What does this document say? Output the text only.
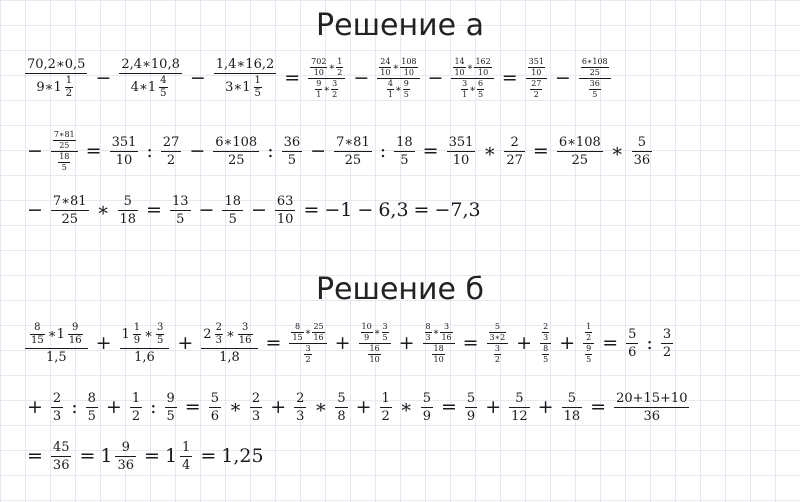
Решение а
$\frac{70,2∗0,5}{9∗1 \frac{1}{2}} - \frac{2,4∗10,8}{4∗1 \frac{4}{5}} - \frac{1,4∗16,2}{3∗1 \frac{1}{5}}$ =	$\frac{\frac{702}{10} ∗ \frac{1}{2}}{\frac{9}{1} ∗ \frac{3}{2}}$ −	$\frac{\frac{24}{10} ∗ \frac{108}{10}}{\frac{4}{1} ∗ \frac{9}{5}}$ −	$\frac{\frac{14}{10} ∗ \frac{162}{10}}{\frac{3}{1} ∗ \frac{6}{5}}$ =	$\frac{\frac{351}{10}}{\frac{27}{2}}$ −	$\frac{\frac{6∗108}{25}}{\frac{36}{5}}$
−	$\frac{\frac{7∗81}{25}}{\frac{18}{5}} = \frac{351}{10}$ : $\frac{27}{2} - \frac{6∗108}{25}$ : $\frac{36}{5} - \frac{7∗81}{25}$ : $\frac{18}{5} = \frac{351}{10}$ ∗ $\frac{2}{27} = \frac{6∗108}{25}$ ∗ $\frac{5}{36}$
− $\frac{7∗81}{25}$ ∗ $\frac{5}{18} = \frac{13}{5} - \frac{18}{5} - \frac{63}{10} = -1 - 6,3 = -7,3$
Решение б
$\frac{\frac{8}{15} ∗1 \frac{9}{16}}{1,5} + \frac{1 \frac{1}{9} ∗ \frac{3}{5}}{1,6} + \frac{2 \frac{2}{3} ∗ \frac{3}{16}}{1,8}$ =	$\frac{\frac{8}{15} ∗ \frac{25}{16}}{\frac{3}{2}}$ +	$\frac{\frac{10}{9} ∗ \frac{3}{5}}{\frac{16}{10}}$ +	$\frac{\frac{8}{3} ∗ \frac{3}{16}}{\frac{18}{10}}$ =	$\frac{\frac{5}{3∗2}}{\frac{3}{2}}$ +	$\frac{\frac{2}{3}}{\frac{8}{5}}$ +	$\frac{\frac{1}{2}}{\frac{9}{5}} = \frac{5}{6}$ : $\frac{3}{2}$
+ $\frac{2}{3}$ : $\frac{8}{5} + \frac{1}{2}$ : $\frac{9}{5} = \frac{5}{6}$ ∗ $\frac{2}{3} + \frac{2}{3}$ ∗ $\frac{5}{8} + \frac{1}{2}$ ∗ $\frac{5}{9} = \frac{5}{9} + \frac{5}{12} + \frac{5}{18} = \frac{20+15+10}{36}$
= $\frac{45}{36} = 1 \frac{9}{36} = 1 \frac{1}{4} = 1,25$
